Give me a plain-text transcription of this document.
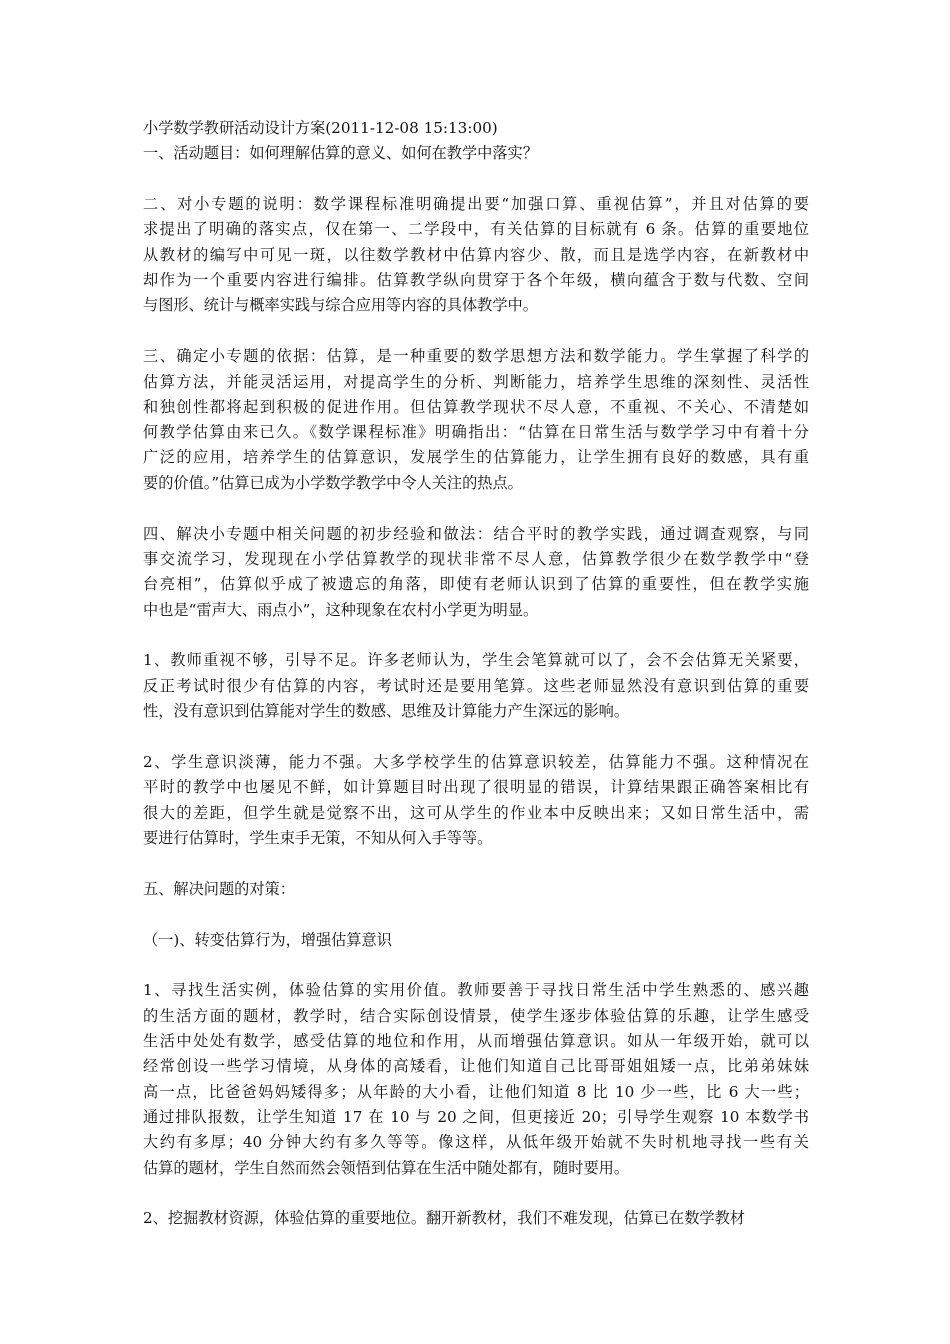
小学数学教研活动设计方案(2011-12-08 15:13:00)

一、活动题目：如何理解估算的意义、如何在教学中落实？

二、对小专题的说明：数学课程标准明确提出要“加强口算、重视估算”，并且对估算的要

求提出了明确的落实点，仅在第一、二学段中，有关估算的目标就有 6 条。估算的重要地位

从教材的编写中可见一斑，以往数学教材中估算内容少、散，而且是选学内容，在新教材中

却作为一个重要内容进行编排。估算教学纵向贯穿于各个年级，横向蕴含于数与代数、空间

与图形、统计与概率实践与综合应用等内容的具体教学中。

三、确定小专题的依据：估算，是一种重要的数学思想方法和数学能力。学生掌握了科学的

估算方法，并能灵活运用，对提高学生的分析、判断能力，培养学生思维的深刻性、灵活性

和独创性都将起到积极的促进作用。但估算教学现状不尽人意，不重视、不关心、不清楚如

何教学估算由来已久。《数学课程标准》明确指出：“估算在日常生活与数学学习中有着十分

广泛的应用，培养学生的估算意识，发展学生的估算能力，让学生拥有良好的数感，具有重

要的价值。”估算已成为小学数学教学中令人关注的热点。

四、解决小专题中相关问题的初步经验和做法：结合平时的教学实践，通过调查观察，与同

事交流学习，发现现在小学估算教学的现状非常不尽人意，估算教学很少在数学教学中“登

台亮相”，估算似乎成了被遗忘的角落，即使有老师认识到了估算的重要性，但在教学实施

中也是“雷声大、雨点小”，这种现象在农村小学更为明显。

1、教师重视不够，引导不足。许多老师认为，学生会笔算就可以了，会不会估算无关紧要，

反正考试时很少有估算的内容，考试时还是要用笔算。这些老师显然没有意识到估算的重要

性，没有意识到估算能对学生的数感、思维及计算能力产生深远的影响。

2、学生意识淡薄，能力不强。大多学校学生的估算意识较差，估算能力不强。这种情况在

平时的教学中也屡见不鲜，如计算题目时出现了很明显的错误，计算结果跟正确答案相比有

很大的差距，但学生就是觉察不出，这可从学生的作业本中反映出来；又如日常生活中，需

要进行估算时，学生束手无策，不知从何入手等等。

五、解决问题的对策：

（一)、转变估算行为，增强估算意识

1、寻找生活实例，体验估算的实用价值。教师要善于寻找日常生活中学生熟悉的、感兴趣

的生活方面的题材，教学时，结合实际创设情景，使学生逐步体验估算的乐趣，让学生感受

生活中处处有数学，感受估算的地位和作用，从而增强估算意识。如从一年级开始，就可以

经常创设一些学习情境，从身体的高矮看，让他们知道自己比哥哥姐姐矮一点，比弟弟妹妹

高一点，比爸爸妈妈矮得多；从年龄的大小看，让他们知道 8 比 10 少一些，比 6 大一些；

通过排队报数，让学生知道 17 在 10 与 20 之间，但更接近 20；引导学生观察 10 本数学书

大约有多厚；40 分钟大约有多久等等。像这样，从低年级开始就不失时机地寻找一些有关

估算的题材，学生自然而然会领悟到估算在生活中随处都有，随时要用。

2、挖掘教材资源，体验估算的重要地位。翻开新教材，我们不难发现，估算已在数学教材
